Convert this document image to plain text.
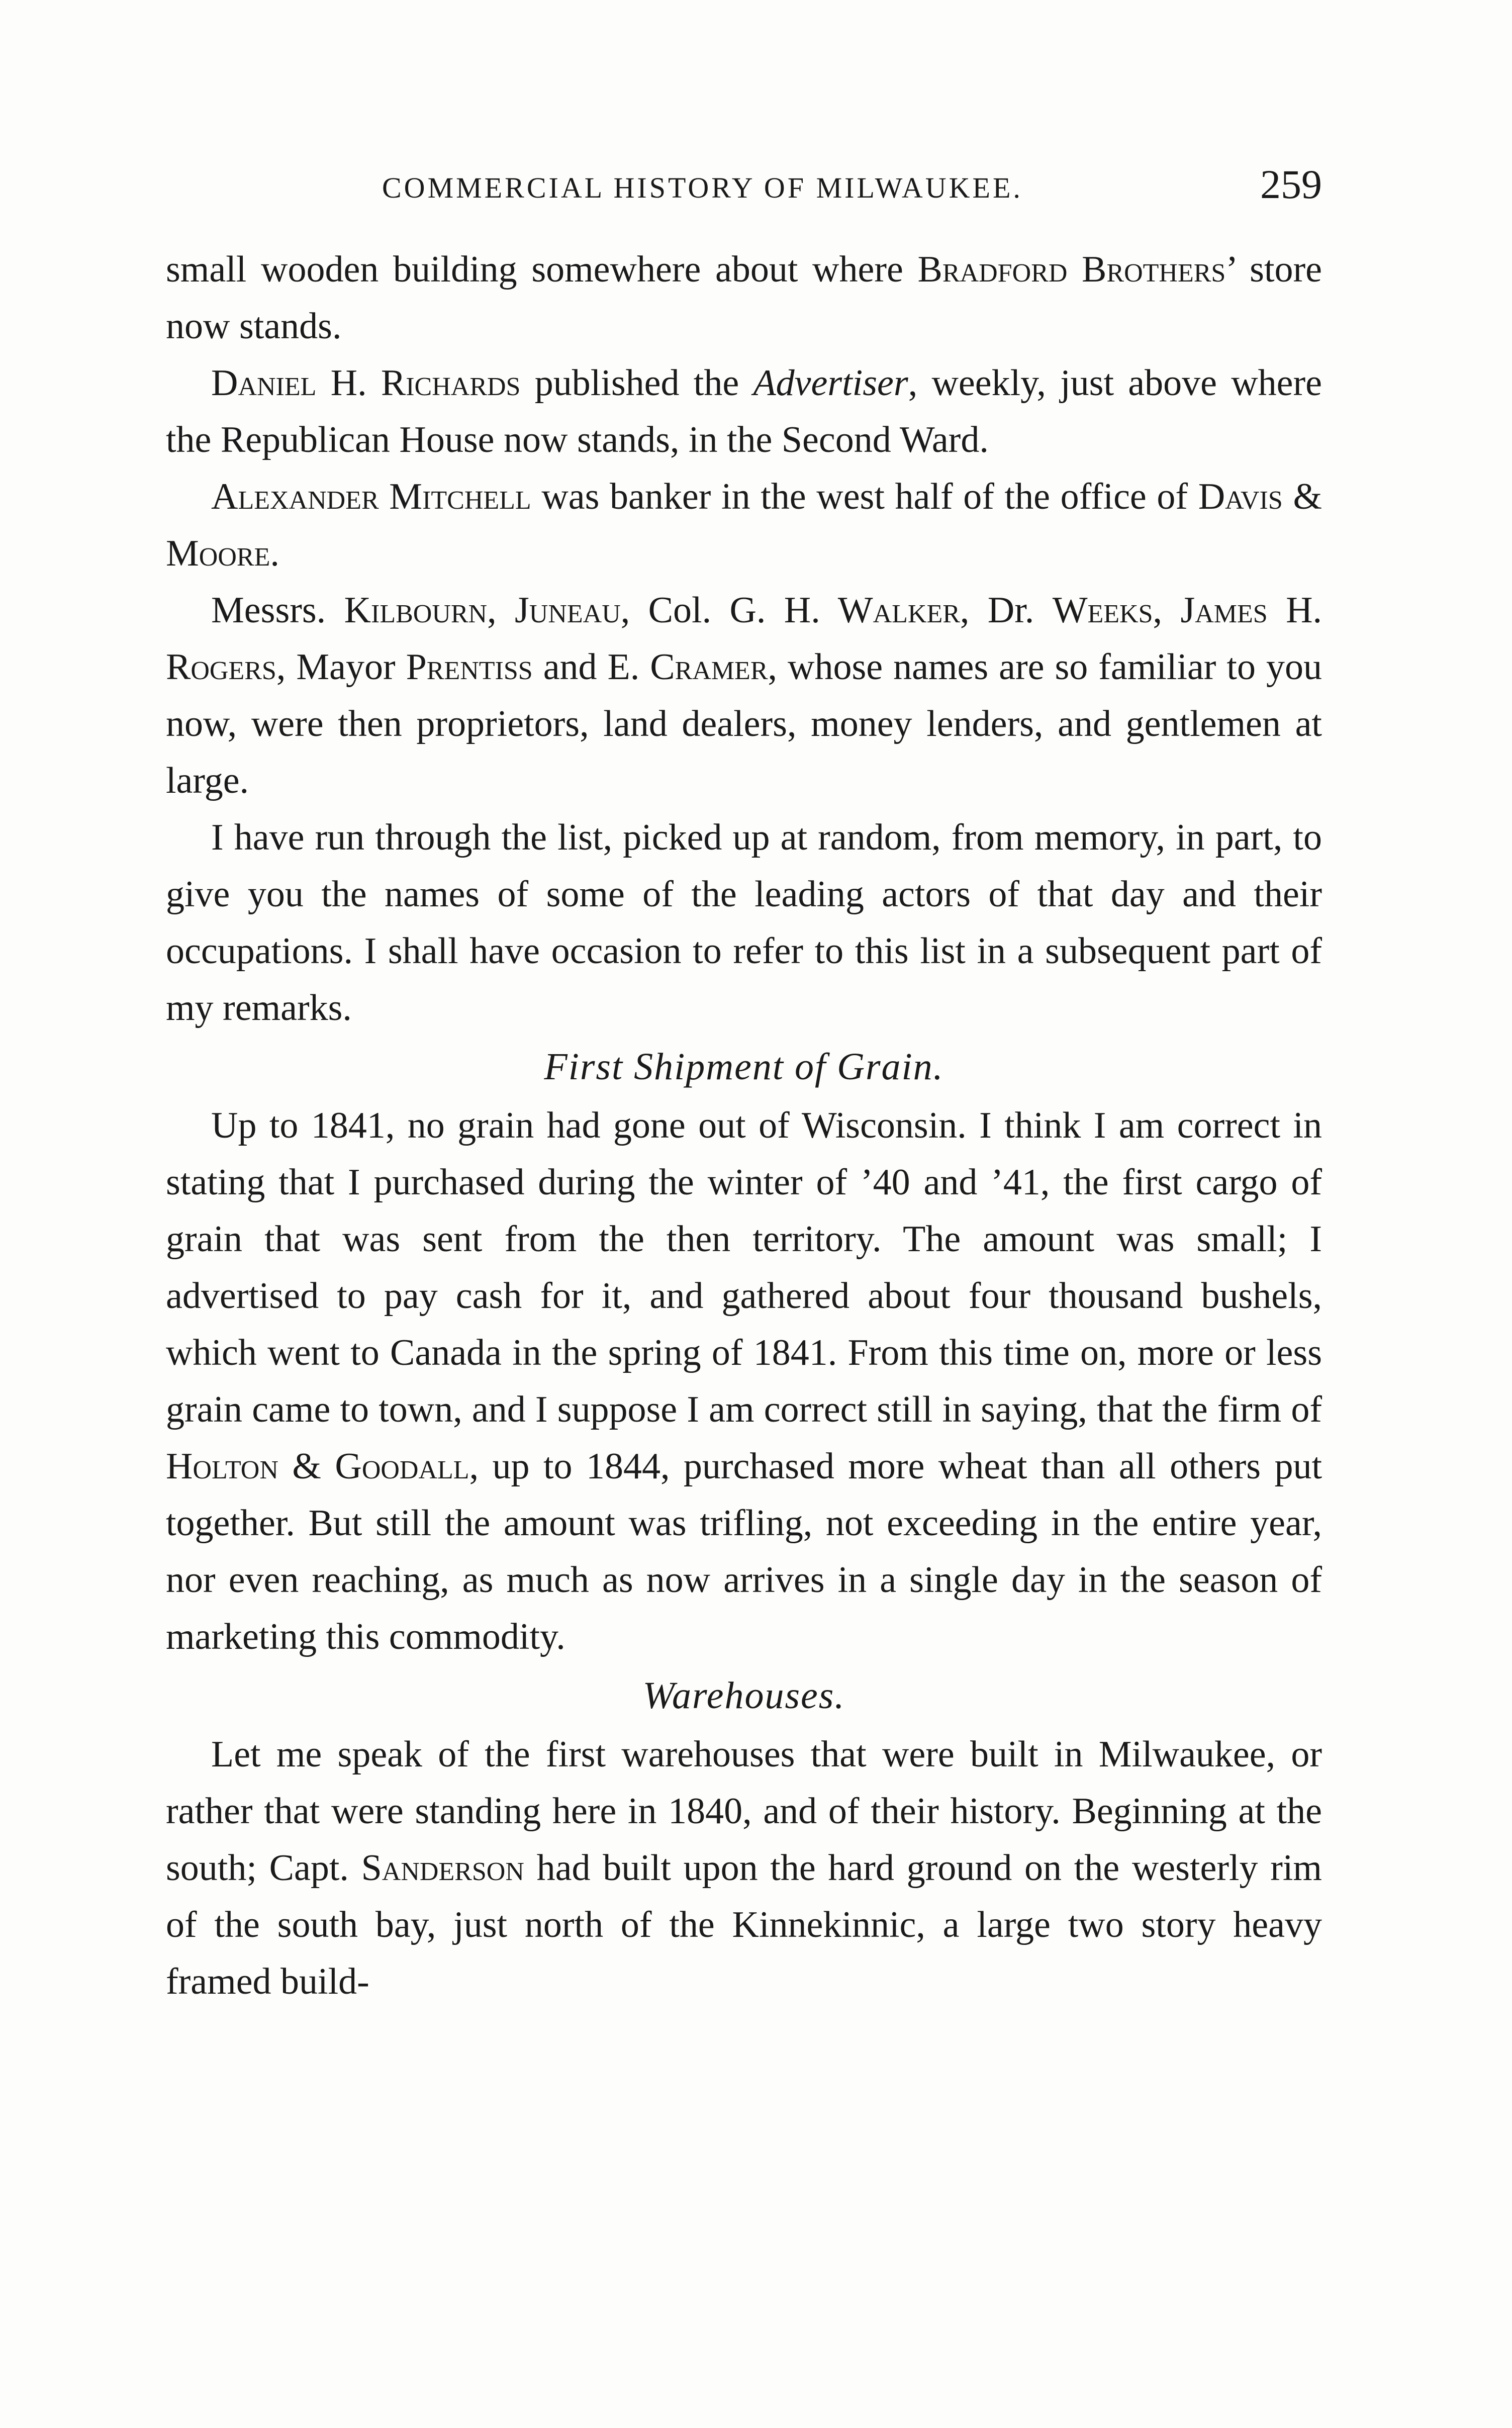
COMMERCIAL HISTORY OF MILWAUKEE.	259

small wooden building somewhere about where Bradford Brothers’ store now stands.

Daniel H. Richards published the Advertiser, weekly, just above where the Republican House now stands, in the Second Ward.

Alexander Mitchell was banker in the west half of the office of Davis & Moore.

Messrs. Kilbourn, Juneau, Col. G. H. Walker, Dr. Weeks, James H. Rogers, Mayor Prentiss and E. Cramer, whose names are so familiar to you now, were then proprietors, land dealers, money lenders, and gentlemen at large.

I have run through the list, picked up at random, from memory, in part, to give you the names of some of the leading actors of that day and their occupations. I shall have occasion to refer to this list in a subsequent part of my remarks.

First Shipment of Grain.

Up to 1841, no grain had gone out of Wisconsin. I think I am correct in stating that I purchased during the winter of ’40 and ’41, the first cargo of grain that was sent from the then territory. The amount was small; I advertised to pay cash for it, and gathered about four thousand bushels, which went to Canada in the spring of 1841. From this time on, more or less grain came to town, and I suppose I am correct still in saying, that the firm of Holton & Goodall, up to 1844, purchased more wheat than all others put together. But still the amount was trifling, not exceeding in the entire year, nor even reaching, as much as now arrives in a single day in the season of marketing this commodity.

Warehouses.

Let me speak of the first warehouses that were built in Milwaukee, or rather that were standing here in 1840, and of their history. Beginning at the south; Capt. Sanderson had built upon the hard ground on the westerly rim of the south bay, just north of the Kinnekinnic, a large two story heavy framed build-
